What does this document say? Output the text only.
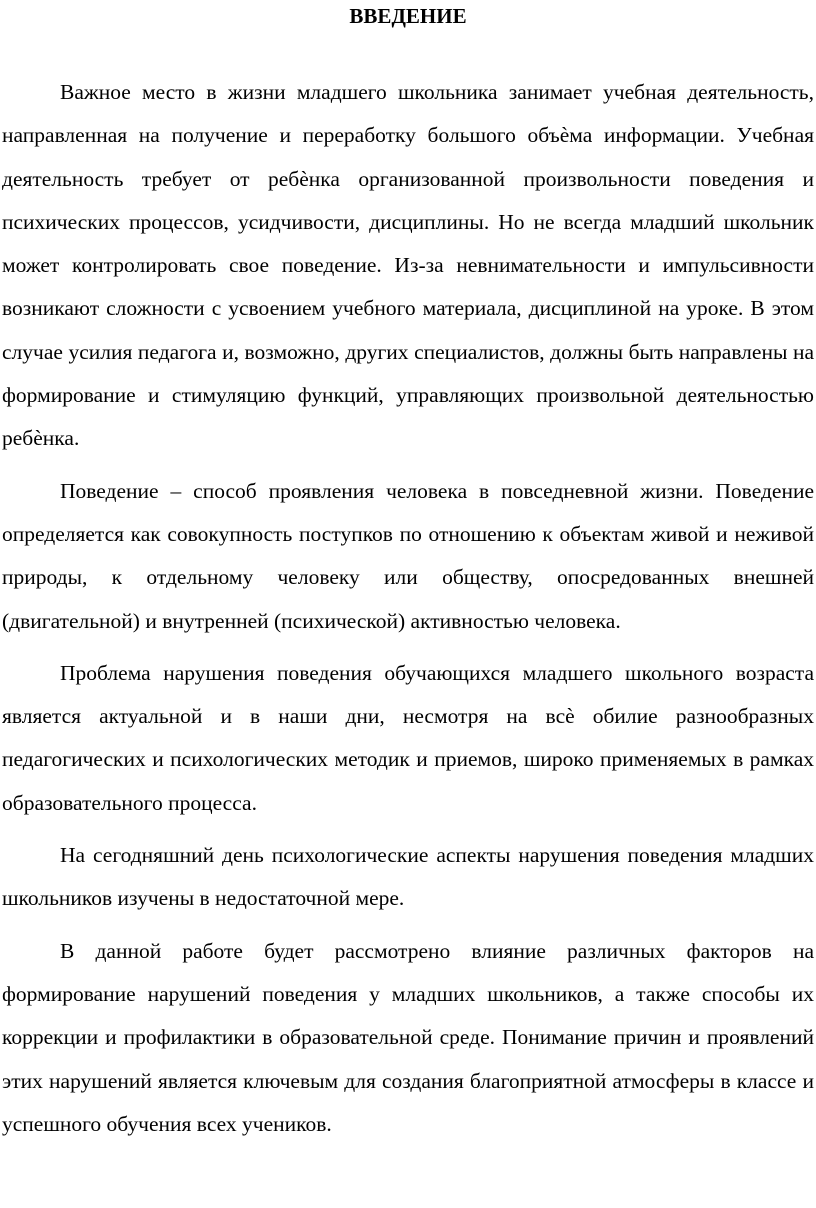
ВВЕДЕНИЕ

Важное место в жизни младшего школьника занимает учебная деятельность, направленная на получение и переработку большого объѐма информации. Учебная деятельность требует от ребѐнка организованной произвольности поведения и психических процессов, усидчивости, дисциплины. Но не всегда младший школьник может контролировать свое поведение. Из-за невнимательности и импульсивности возникают сложности с усвоением учебного материала, дисциплиной на уроке. В этом случае усилия педагога и, возможно, других специалистов, должны быть направлены на формирование и стимуляцию функций, управляющих произвольной деятельностью ребѐнка.

Поведение – способ проявления человека в повседневной жизни. Поведение определяется как совокупность поступков по отношению к объектам живой и неживой природы, к отдельному человеку или обществу, опосредованных внешней (двигательной) и внутренней (психической) активностью человека.

Проблема нарушения поведения обучающихся младшего школьного возраста является актуальной и в наши дни, несмотря на всѐ обилие разнообразных педагогических и психологических методик и приемов, широко применяемых в рамках образовательного процесса.

На сегодняшний день психологические аспекты нарушения поведения младших школьников изучены в недостаточной мере.

В данной работе будет рассмотрено влияние различных факторов на формирование нарушений поведения у младших школьников, а также способы их коррекции и профилактики в образовательной среде. Понимание причин и проявлений этих нарушений является ключевым для создания благоприятной атмосферы в классе и успешного обучения всех учеников.
